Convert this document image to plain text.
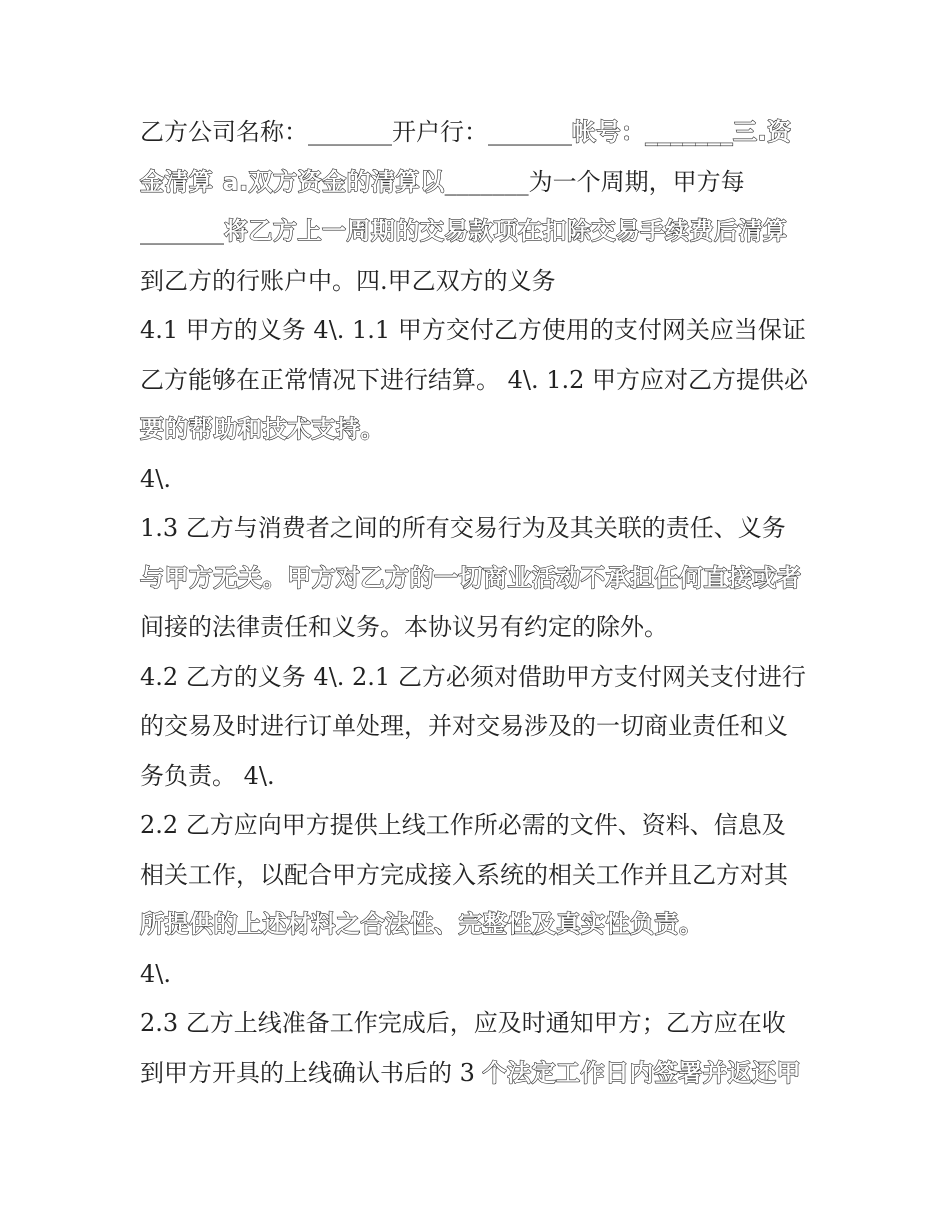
乙方公司名称：_______开户行：_______帐号：_______三.资
金清算 a.双方资金的清算以_______为一个周期，甲方每
_______将乙方上一周期的交易款项在扣除交易手续费后清算
到乙方的行账户中。四.甲乙双方的义务
4.1 甲方的义务 4\. 1.1 甲方交付乙方使用的支付网关应当保证
乙方能够在正常情况下进行结算。 4\. 1.2 甲方应对乙方提供必
要的帮助和技术支持。
4\.
1.3 乙方与消费者之间的所有交易行为及其关联的责任、义务
与甲方无关。甲方对乙方的一切商业活动不承担任何直接或者
间接的法律责任和义务。本协议另有约定的除外。
4.2 乙方的义务 4\. 2.1 乙方必须对借助甲方支付网关支付进行
的交易及时进行订单处理，并对交易涉及的一切商业责任和义
务负责。 4\.
2.2 乙方应向甲方提供上线工作所必需的文件、资料、信息及
相关工作，以配合甲方完成接入系统的相关工作并且乙方对其
所提供的上述材料之合法性、完整性及真实性负责。
4\.
2.3 乙方上线准备工作完成后，应及时通知甲方；乙方应在收
到甲方开具的上线确认书后的 3 个法定工作日内签署并返还甲
